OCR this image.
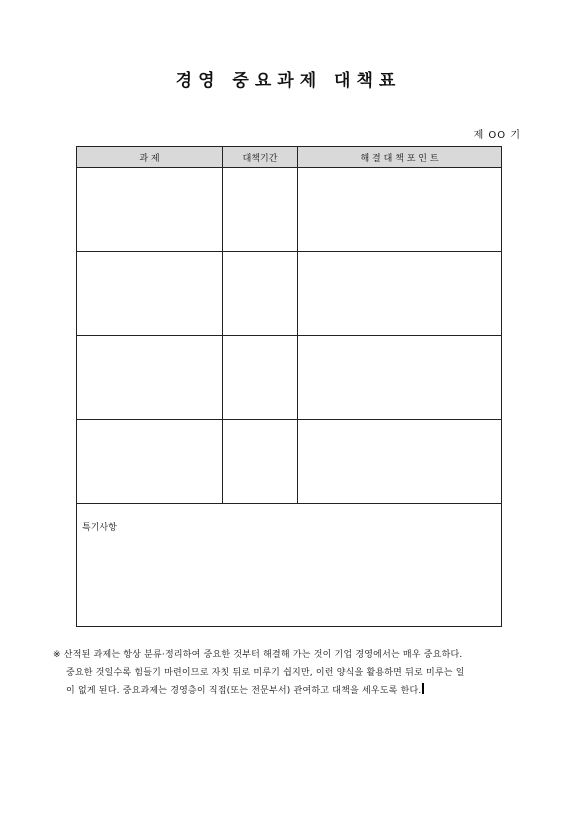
경영 중요과제 대책표
제 OO 기
과 제	대책기간	해 결 대 책 포 인 트

특기사항		
※ 산적된 과제는 항상 분류·정리하여 중요한 것부터 해결해 가는 것이 기업 경영에서는 매우 중요하다.
중요한 것일수록 힘들기 마련이므로 자칫 뒤로 미루기 쉽지만, 이런 양식을 활용하면 뒤로 미루는 일
이 없게 된다. 중요과제는 경영층이 직접(또는 전문부서) 관여하고 대책을 세우도록 한다.
